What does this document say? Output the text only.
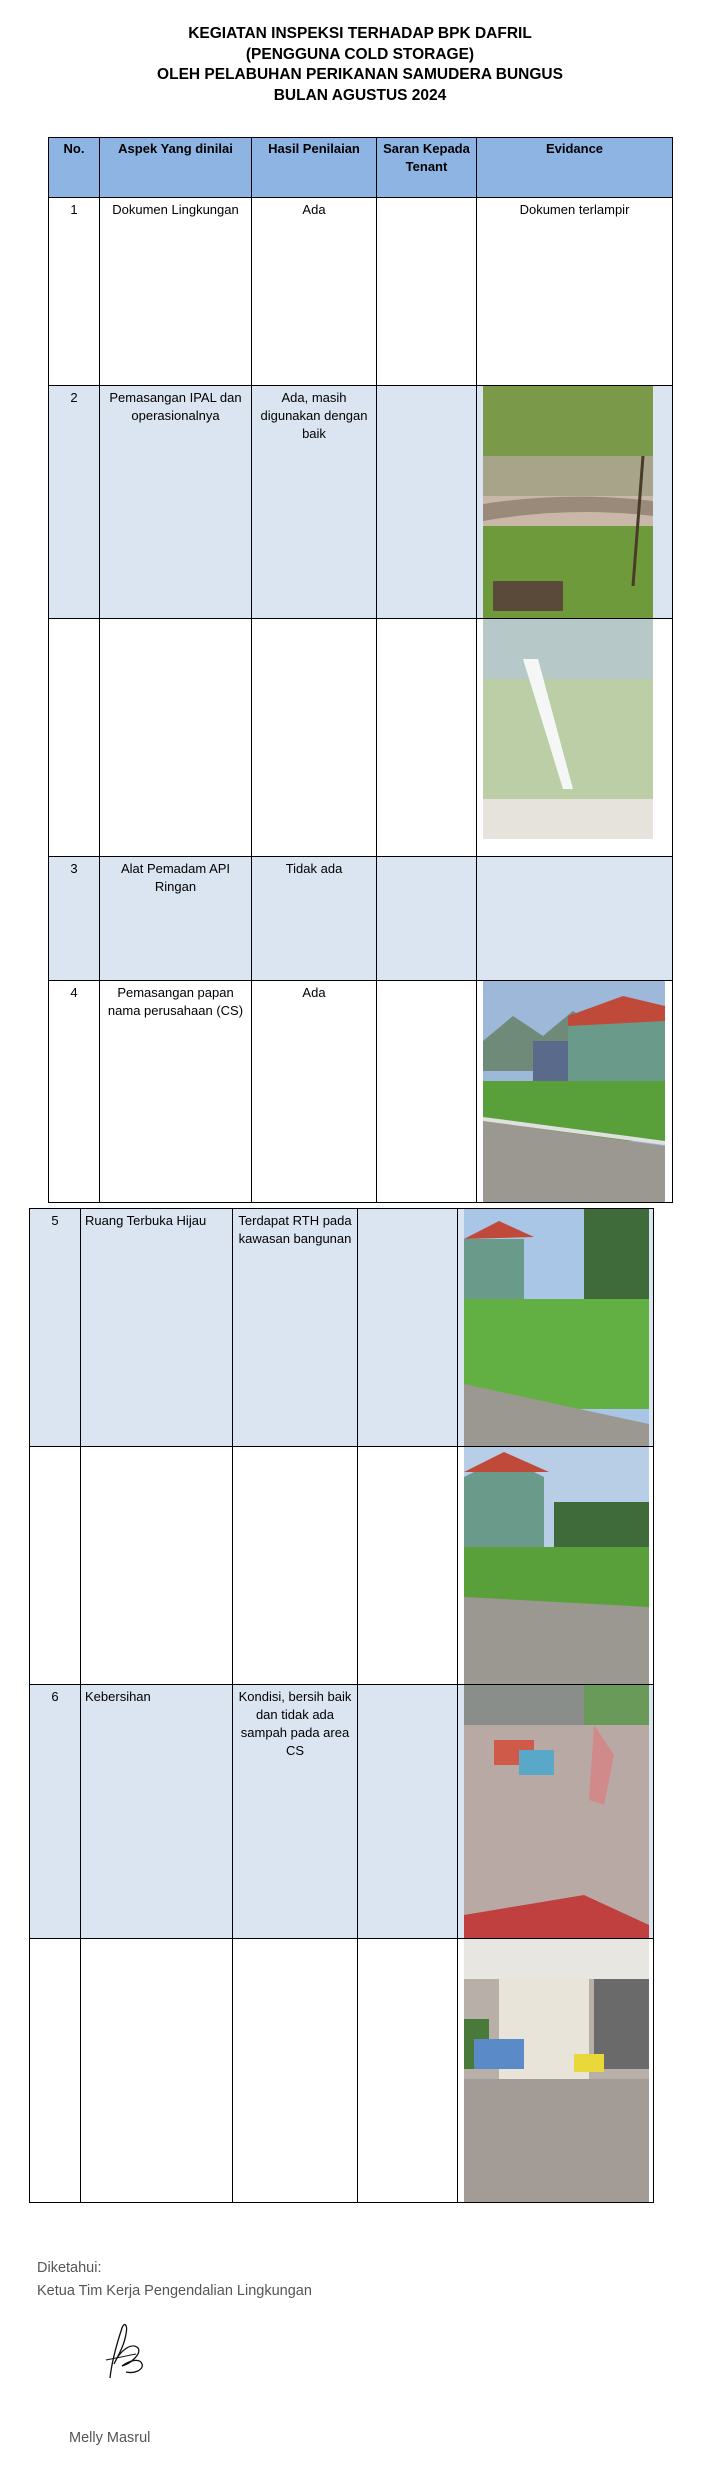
KEGIATAN INSPEKSI TERHADAP BPK DAFRIL
(PENGGUNA COLD STORAGE)
OLEH PELABUHAN PERIKANAN SAMUDERA BUNGUS
BULAN AGUSTUS 2024
No.	Aspek Yang dinilai	Hasil Penilaian	Saran Kepada Tenant	Evidance
1	Dokumen Lingkungan	Ada		Dokumen terlampir
2	Pemasangan IPAL dan operasionalnya	Ada, masih digunakan dengan baik		

3	Alat Pemadam API Ringan	Tidak ada		
4	Pemasangan papan nama perusahaan (CS)	Ada		
5	Ruang Terbuka Hijau	Terdapat RTH pada kawasan bangunan		

6	Kebersihan	Kondisi, bersih baik dan tidak ada sampah pada area CS		

Diketahui:
Ketua Tim Kerja Pengendalian Lingkungan
Melly Masrul
